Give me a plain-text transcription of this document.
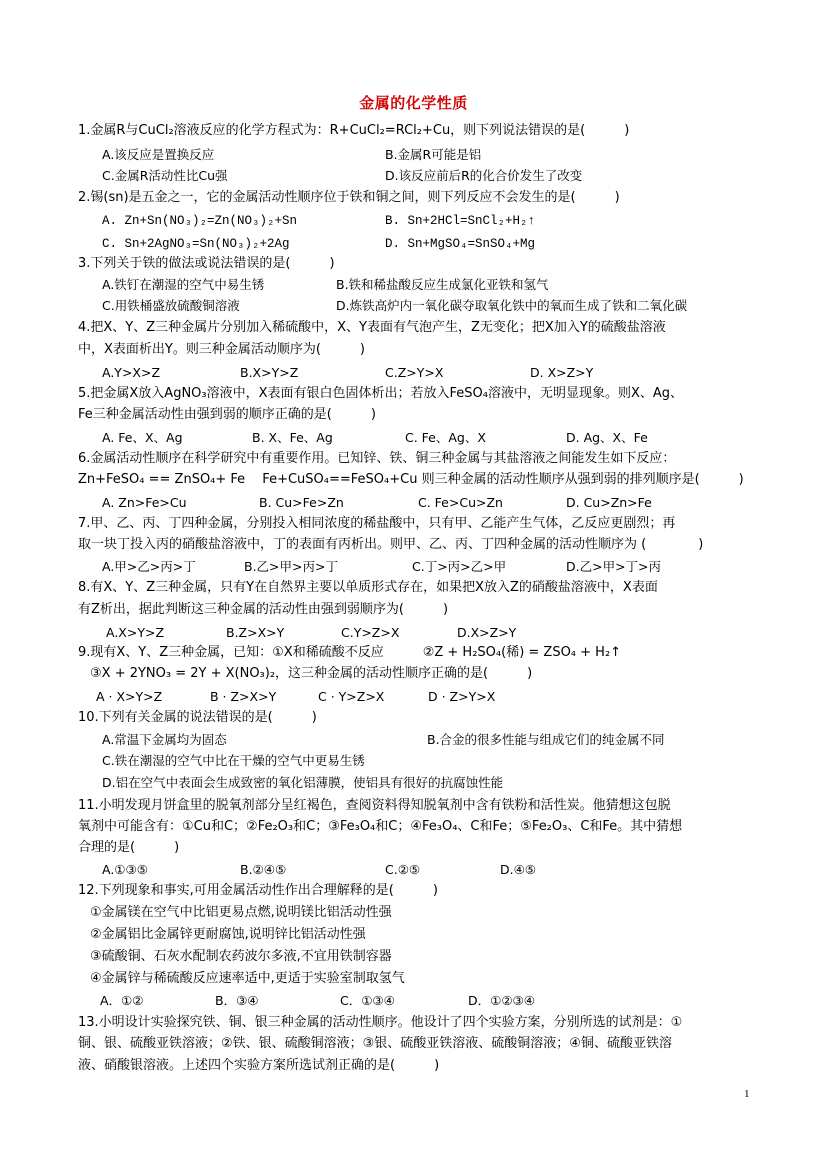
金属的化学性质
1.金属R与CuCl₂溶液反应的化学方程式为：R+CuCl₂=RCl₂+Cu，则下列说法错误的是(　　　)
A.该反应是置换反应	B.金属R可能是铝
C.金属R活动性比Cu强	D.该反应前后R的化合价发生了改变
2.锡(sn)是五金之一，它的金属活动性顺序位于铁和铜之间，则下列反应不会发生的是(　　　)
A. Zn+Sn(NO₃)₂=Zn(NO₃)₂+Sn	B. Sn+2HCl=SnCl₂+H₂↑
C. Sn+2AgNO₃=Sn(NO₃)₂+2Ag	D. Sn+MgSO₄=SnSO₄+Mg
3.下列关于铁的做法或说法错误的是(　　　)
A.铁钉在潮湿的空气中易生锈	B.铁和稀盐酸反应生成氯化亚铁和氢气
C.用铁桶盛放硫酸铜溶液	D.炼铁高炉内一氧化碳夺取氧化铁中的氧而生成了铁和二氧化碳
4.把X、Y、Z三种金属片分别加入稀硫酸中，X、Y表面有气泡产生，Z无变化；把X加入Y的硫酸盐溶液
中，X表面析出Y。则三种金属活动顺序为(　　　)
A.Y>X>Z	B.X>Y>Z	C.Z>Y>X	D. X>Z>Y
5.把金属X放入AgNO₃溶液中，X表面有银白色固体析出；若放入FeSO₄溶液中，无明显现象。则X、Ag、
Fe三种金属活动性由强到弱的顺序正确的是(　　　)
A. Fe、X、Ag	B. X、Fe、Ag	C. Fe、Ag、X	D. Ag、X、Fe
6.金属活动性顺序在科学研究中有重要作用。已知锌、铁、铜三种金属与其盐溶液之间能发生如下反应：
Zn+FeSO₄ == ZnSO₄+ Fe　 Fe+CuSO₄==FeSO₄+Cu 则三种金属的活动性顺序从强到弱的排列顺序是(　　　)
A. Zn>Fe>Cu	B. Cu>Fe>Zn	C. Fe>Cu>Zn	D. Cu>Zn>Fe
7.甲、乙、丙、丁四种金属，分别投入相同浓度的稀盐酸中，只有甲、乙能产生气体，乙反应更剧烈；再
取一块丁投入丙的硝酸盐溶液中，丁的表面有丙析出。则甲、乙、丙、丁四种金属的活动性顺序为 (　　　　)
A.甲>乙>丙>丁	B.乙>甲>丙>丁	C.丁>丙>乙>甲	D.乙>甲>丁>丙
8.有X、Y、Z三种金属，只有Y在自然界主要以单质形式存在，如果把X放入Z的硝酸盐溶液中，X表面
有Z析出，据此判断这三种金属的活动性由强到弱顺序为(　　　)
A.X>Y>Z	B.Z>X>Y	C.Y>Z>X	D.X>Z>Y
9.现有X、Y、Z三种金属，已知：①X和稀硫酸不反应　　　②Z + H₂SO₄(稀) = ZSO₄ + H₂↑
③X + 2YNO₃ = 2Y + X(NO₃)₂，这三种金属的活动性顺序正确的是(　　　)
A · X>Y>Z	B · Z>X>Y	C · Y>Z>X	D · Z>Y>X
10.下列有关金属的说法错误的是(　　　)
A.常温下金属均为固态	B.合金的很多性能与组成它们的纯金属不同
C.铁在潮湿的空气中比在干燥的空气中更易生锈
D.铝在空气中表面会生成致密的氧化铝薄膜，使铝具有很好的抗腐蚀性能
11.小明发现月饼盒里的脱氧剂部分呈红褐色，查阅资料得知脱氧剂中含有铁粉和活性炭。他猜想这包脱
氧剂中可能含有：①Cu和C；②Fe₂O₃和C；③Fe₃O₄和C；④Fe₃O₄、C和Fe；⑤Fe₂O₃、C和Fe。其中猜想
合理的是(　　　)
A.①③⑤	B.②④⑤	C.②⑤	D.④⑤
12.下列现象和事实,可用金属活动性作出合理解释的是(　　　)
①金属镁在空气中比铝更易点燃,说明镁比铝活动性强
②金属铝比金属锌更耐腐蚀,说明锌比铝活动性强
③硫酸铜、石灰水配制农药波尔多液,不宜用铁制容器
④金属锌与稀硫酸反应速率适中,更适于实验室制取氢气
A．①②	B．③④	C．①③④	D．①②③④
13.小明设计实验探究铁、铜、银三种金属的活动性顺序。他设计了四个实验方案，分别所选的试剂是：①
铜、银、硫酸亚铁溶液；②铁、银、硫酸铜溶液；③银、硫酸亚铁溶液、硫酸铜溶液；④铜、硫酸亚铁溶
液、硝酸银溶液。上述四个实验方案所选试剂正确的是(　　　)
1
